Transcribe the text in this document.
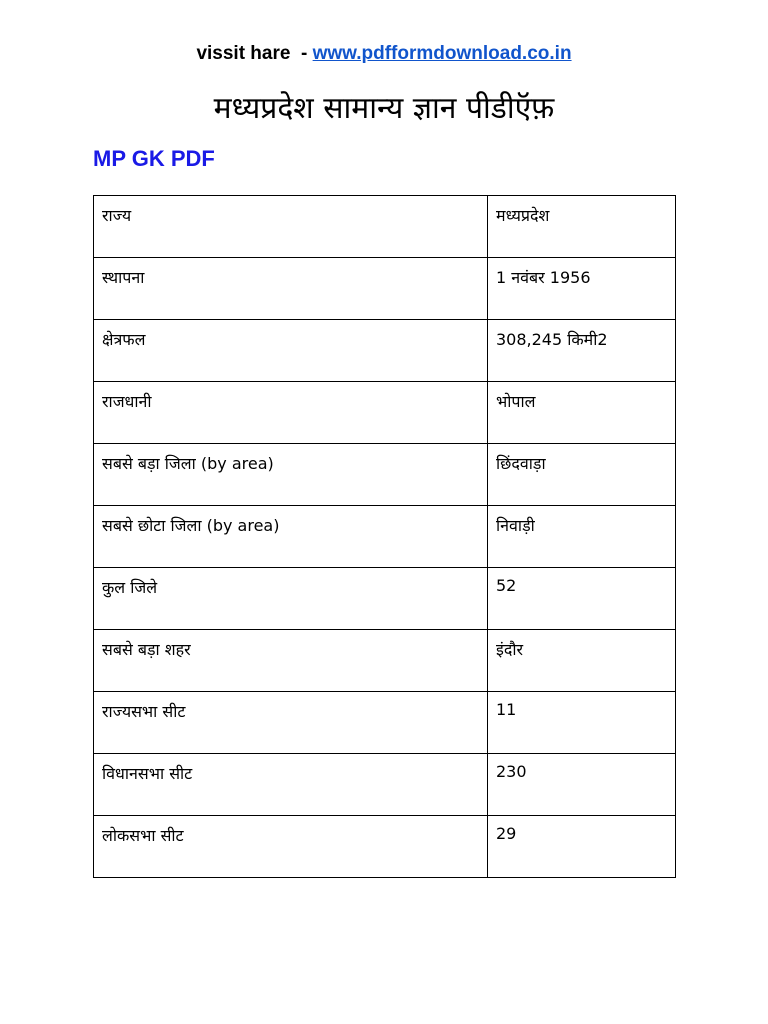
vissit hare  - www.pdfformdownload.co.in
मध्यप्रदेश सामान्य ज्ञान पीडीऍफ़
MP GK PDF
राज्य	मध्यप्रदेश
स्थापना	1 नवंबर 1956
क्षेत्रफल	308,245 किमी2
राजधानी	भोपाल
सबसे बड़ा जिला (by area)	छिंदवाड़ा
सबसे छोटा जिला (by area)	निवाड़ी
कुल जिले	52
सबसे बड़ा शहर	इंदौर
राज्यसभा सीट	11
विधानसभा सीट	230
लोकसभा सीट	29
